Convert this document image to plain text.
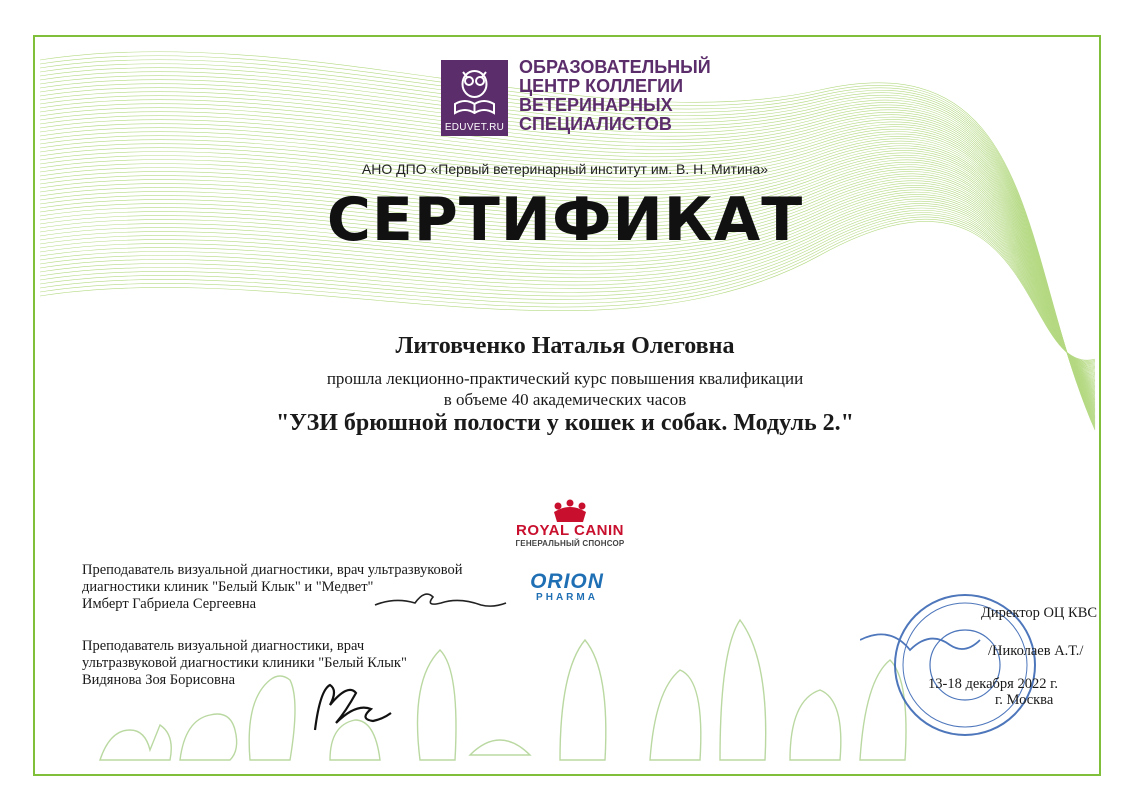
EDUVET.RU
ОБРАЗОВАТЕЛЬНЫЙ
ЦЕНТР КОЛЛЕГИИ
ВЕТЕРИНАРНЫХ
СПЕЦИАЛИСТОВ
АНО ДПО «Первый ветеринарный институт им. В. Н. Митина»
СЕРТИФИКАТ
Литовченко Наталья Олеговна
прошла лекционно-практический курс повышения квалификации
в объеме 40 академических часов
"УЗИ брюшной полости у кошек и собак. Модуль 2."
ROYAL CANIN
ГЕНЕРАЛЬНЫЙ СПОНСОР
ORION
PHARMA
Преподаватель визуальной диагностики, врач ультразвуковой
диагностики клиник "Белый Клык" и "Медвет"
Имберт Габриела Сергеевна
Преподаватель визуальной диагностики, врач
ультразвуковой диагностики клиники "Белый Клык"
Видянова Зоя Борисовна
Директор ОЦ КВС
/Николаев А.Т./
13-18 декабря 2022 г.
г. Москва
